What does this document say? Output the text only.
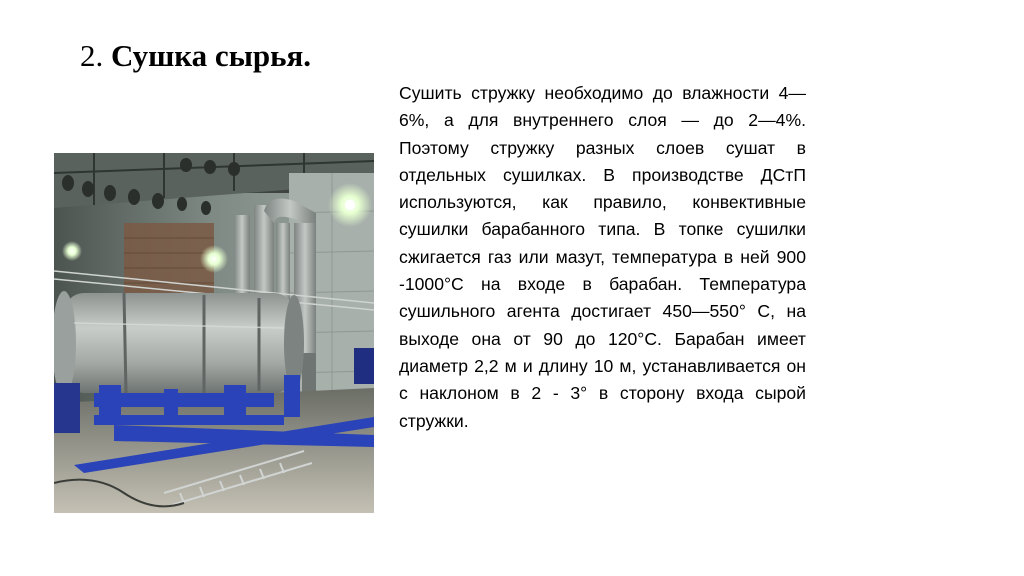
2. Сушка сырья.

Сушить стружку необходимо до влажности 4—6%, а для внутреннего слоя — до 2—4%. Поэтому стружку разных слоев сушат в отдельных сушилках. В производстве ДСтП используются, как правило, конвективные сушилки барабанного типа. В топке сушилки сжигается газ или мазут, температура в ней 900 -1000°С на входе в барабан. Температура сушильного агента достигает 450—550° С, на выходе она от 90 до 120°С. Барабан имеет диаметр 2,2 м и длину 10 м, устанавливается он с наклоном в 2 - 3° в сторону входа сырой стружки.
